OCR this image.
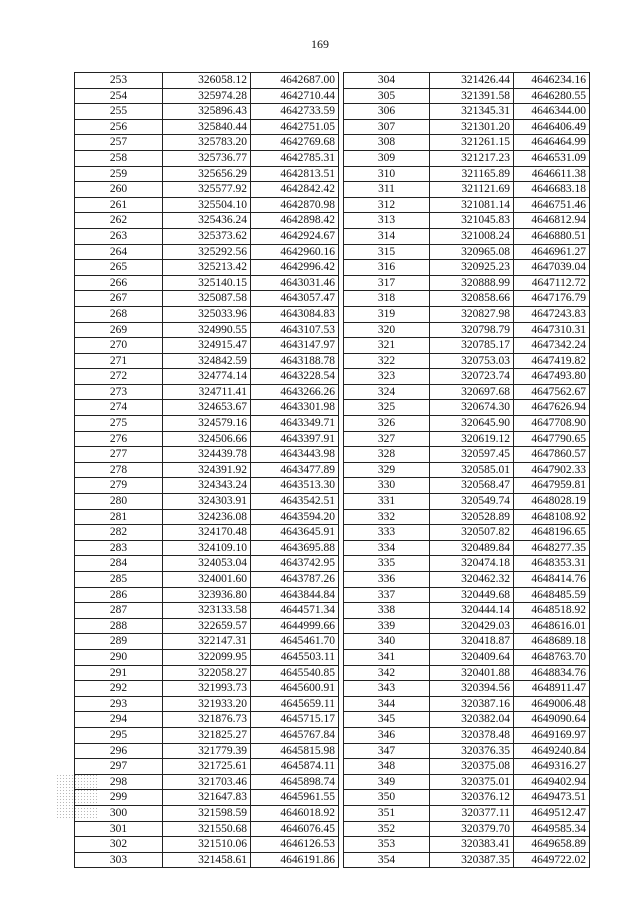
169
253	326058.12	4642687.00
254	325974.28	4642710.44
255	325896.43	4642733.59
256	325840.44	4642751.05
257	325783.20	4642769.68
258	325736.77	4642785.31
259	325656.29	4642813.51
260	325577.92	4642842.42
261	325504.10	4642870.98
262	325436.24	4642898.42
263	325373.62	4642924.67
264	325292.56	4642960.16
265	325213.42	4642996.42
266	325140.15	4643031.46
267	325087.58	4643057.47
268	325033.96	4643084.83
269	324990.55	4643107.53
270	324915.47	4643147.97
271	324842.59	4643188.78
272	324774.14	4643228.54
273	324711.41	4643266.26
274	324653.67	4643301.98
275	324579.16	4643349.71
276	324506.66	4643397.91
277	324439.78	4643443.98
278	324391.92	4643477.89
279	324343.24	4643513.30
280	324303.91	4643542.51
281	324236.08	4643594.20
282	324170.48	4643645.91
283	324109.10	4643695.88
284	324053.04	4643742.95
285	324001.60	4643787.26
286	323936.80	4643844.84
287	323133.58	4644571.34
288	322659.57	4644999.66
289	322147.31	4645461.70
290	322099.95	4645503.11
291	322058.27	4645540.85
292	321993.73	4645600.91
293	321933.20	4645659.11
294	321876.73	4645715.17
295	321825.27	4645767.84
296	321779.39	4645815.98
297	321725.61	4645874.11
298	321703.46	4645898.74
299	321647.83	4645961.55
300	321598.59	4646018.92
301	321550.68	4646076.45
302	321510.06	4646126.53
303	321458.61	4646191.86
304	321426.44	4646234.16
305	321391.58	4646280.55
306	321345.31	4646344.00
307	321301.20	4646406.49
308	321261.15	4646464.99
309	321217.23	4646531.09
310	321165.89	4646611.38
311	321121.69	4646683.18
312	321081.14	4646751.46
313	321045.83	4646812.94
314	321008.24	4646880.51
315	320965.08	4646961.27
316	320925.23	4647039.04
317	320888.99	4647112.72
318	320858.66	4647176.79
319	320827.98	4647243.83
320	320798.79	4647310.31
321	320785.17	4647342.24
322	320753.03	4647419.82
323	320723.74	4647493.80
324	320697.68	4647562.67
325	320674.30	4647626.94
326	320645.90	4647708.90
327	320619.12	4647790.65
328	320597.45	4647860.57
329	320585.01	4647902.33
330	320568.47	4647959.81
331	320549.74	4648028.19
332	320528.89	4648108.92
333	320507.82	4648196.65
334	320489.84	4648277.35
335	320474.18	4648353.31
336	320462.32	4648414.76
337	320449.68	4648485.59
338	320444.14	4648518.92
339	320429.03	4648616.01
340	320418.87	4648689.18
341	320409.64	4648763.70
342	320401.88	4648834.76
343	320394.56	4648911.47
344	320387.16	4649006.48
345	320382.04	4649090.64
346	320378.48	4649169.97
347	320376.35	4649240.84
348	320375.08	4649316.27
349	320375.01	4649402.94
350	320376.12	4649473.51
351	320377.11	4649512.47
352	320379.70	4649585.34
353	320383.41	4649658.89
354	320387.35	4649722.02
